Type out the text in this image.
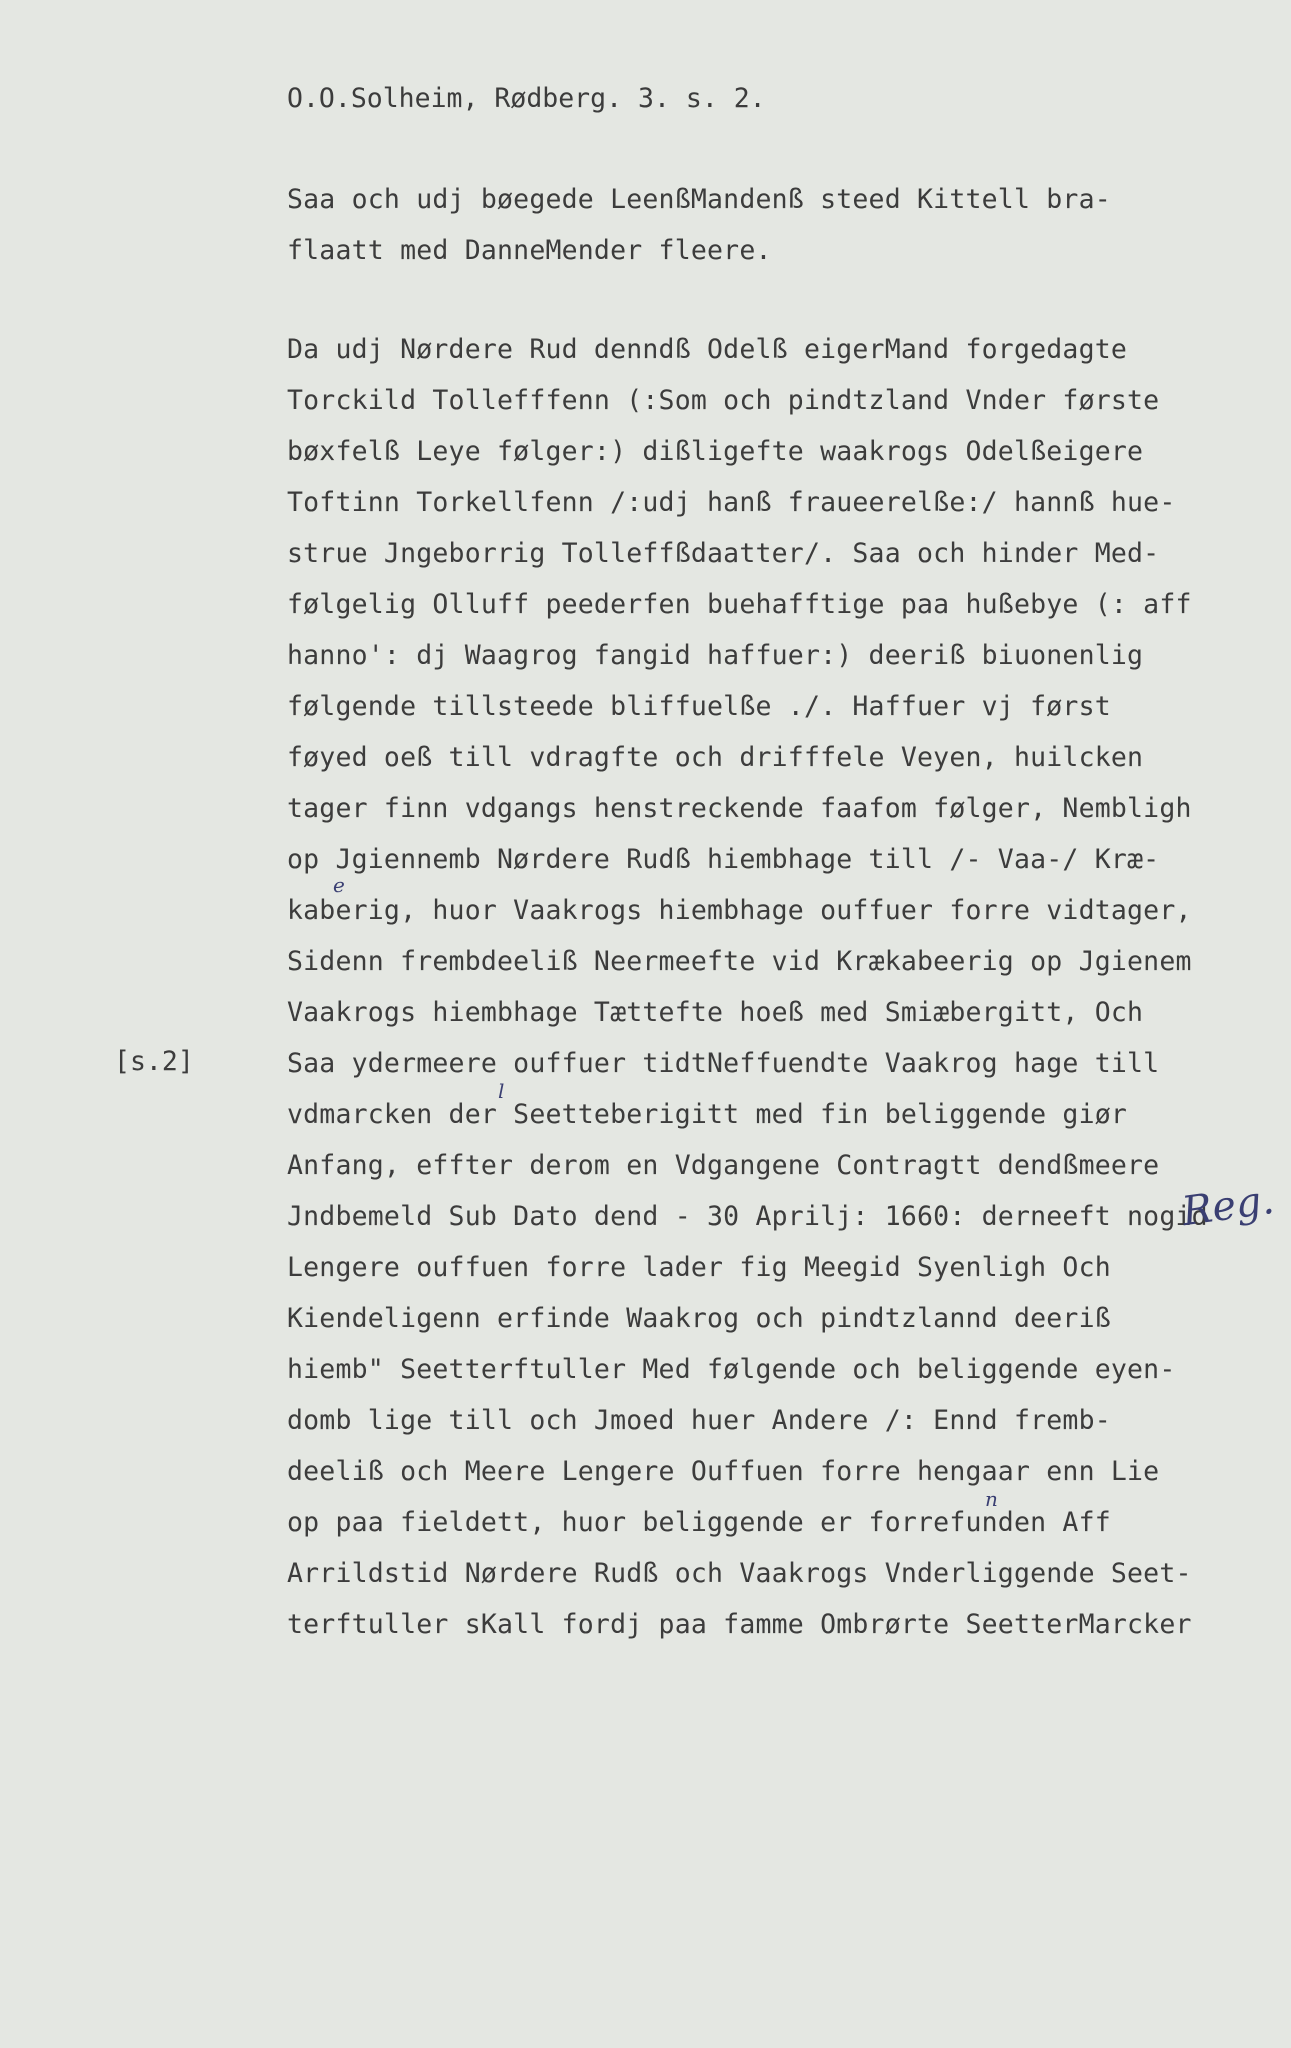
O.O.Solheim, Rødberg. 3. s. 2.
Saa och udj bøegede LeenßMandenß steed Kittell bra-
flaatt med DanneMender fleere.
Da udj Nørdere Rud denndß Odelß eigerMand forgedagte
Torckild Tollefffenn (:Som och pindtzland Vnder første
bøxfelß Leye følger:) dißligefte waakrogs Odelßeigere
Toftinn Torkellfenn /:udj hanß fraueerelße:/ hannß hue-
strue Jngeborrig Tolleffßdaatter/. Saa och hinder Med-
følgelig Olluff peederfen buehafftige paa hußebye (: aff
hanno': dj Waagrog fangid haffuer:) deeriß biuonenlig
følgende tillsteede bliffuelße ./. Haffuer vj først
føyed oeß till vdragfte och drifffele Veyen, huilcken
tager finn vdgangs henstreckende faafom følger, Nembligh
op Jgiennemb Nørdere Rudß hiembhage till /- Vaa-/ Kræ-
kaberig, huor Vaakrogs hiembhage ouffuer forre vidtager,
Sidenn frembdeeliß Neermeefte vid Krækabeerig op Jgienem
Vaakrogs hiembhage Tættefte hoeß med Smiæbergitt, Och
Saa ydermeere ouffuer tidtNeffuendte Vaakrog hage till
vdmarcken der Seetteberigitt med fin beliggende giør
Anfang, effter derom en Vdgangene Contragtt dendßmeere
Jndbemeld Sub Dato dend - 30 Aprilj: 1660: derneeft nogid
Lengere ouffuen forre lader fig Meegid Syenligh Och
Kiendeligenn erfinde Waakrog och pindtzlannd deeriß
hiemb" Seetterftuller Med følgende och beliggende eyen-
domb lige till och Jmoed huer Andere /: Ennd fremb-
deeliß och Meere Lengere Ouffuen forre hengaar enn Lie
op paa fieldett, huor beliggende er forrefunden Aff
Arrildstid Nørdere Rudß och Vaakrogs Vnderliggende Seet-
terftuller sKall fordj paa famme Ombrørte SeetterMarcker
[s.2]
Reg.
e
l
n
